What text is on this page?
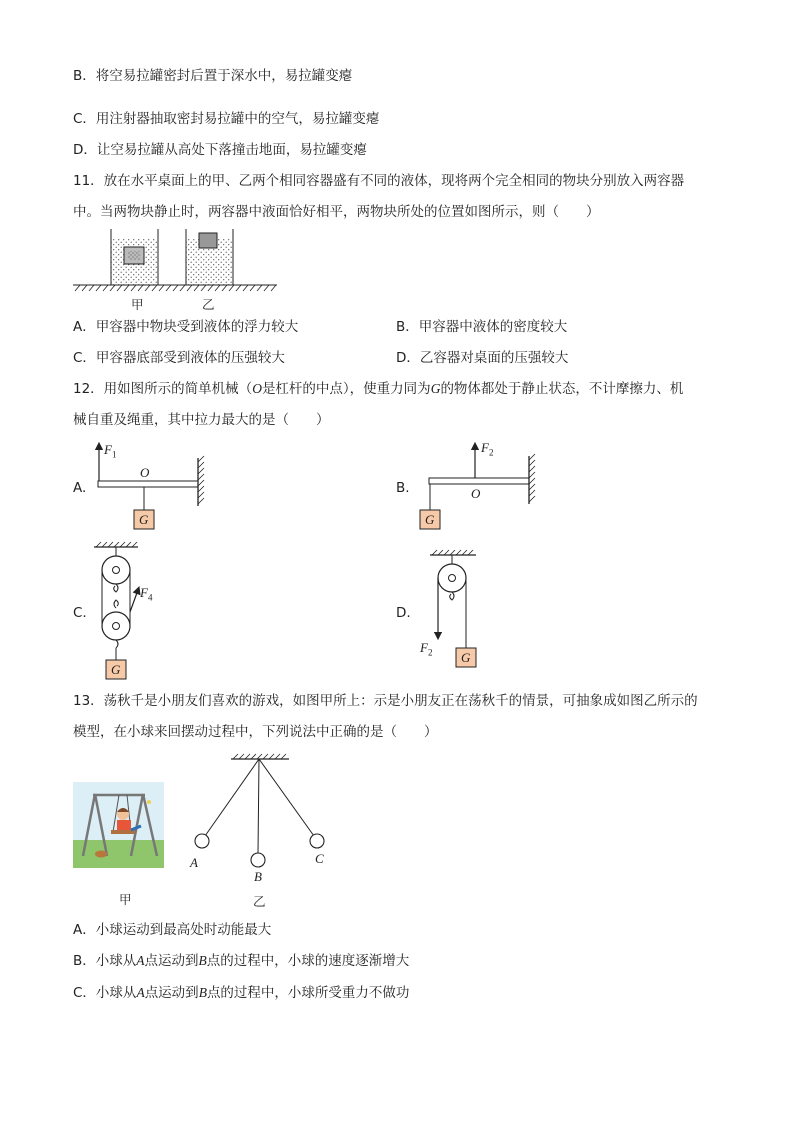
B．将空易拉罐密封后置于深水中，易拉罐变瘪
C．用注射器抽取密封易拉罐中的空气，易拉罐变瘪
D．让空易拉罐从高处下落撞击地面，易拉罐变瘪
11．放在水平桌面上的甲、乙两个相同容器盛有不同的液体，现将两个完全相同的物块分别放入两容器
中。当两物块静止时，两容器中液面恰好相平，两物块所处的位置如图所示，则（　　）
甲	乙
A．甲容器中物块受到液体的浮力较大	B．甲容器中液体的密度较大
C．甲容器底部受到液体的压强较大	D．乙容器对桌面的压强较大
12．用如图所示的简单机械（O是杠杆的中点），使重力同为G的物体都处于静止状态，不计摩擦力、机
械自重及绳重，其中拉力最大的是（　　）
A.	B.
C.	D.
$F_1$
O
G
$F_2$
O
G
$F_4$
G
$F_2$ G
13．荡秋千是小朋友们喜欢的游戏，如图甲所上：示是小朋友正在荡秋千的情景，可抽象成如图乙所示的
模型，在小球来回摆动过程中，下列说法中正确的是（　　）
甲
A
B
C
乙
A．小球运动到最高处时动能最大
B．小球从A点运动到B点的过程中，小球的速度逐渐增大
C．小球从A点运动到B点的过程中，小球所受重力不做功
